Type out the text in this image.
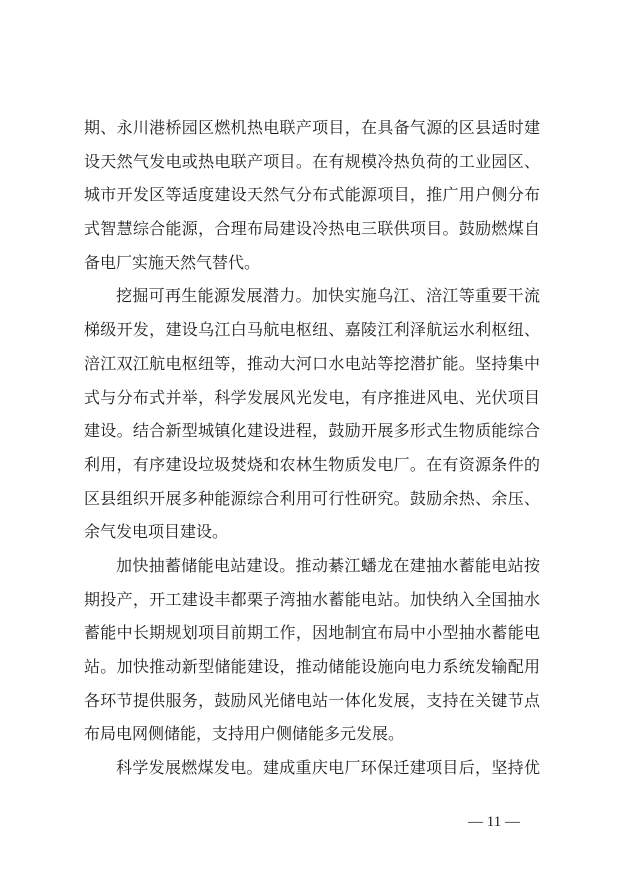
期、永川港桥园区燃机热电联产项目，在具备气源的区县适时建
设天然气发电或热电联产项目。在有规模冷热负荷的工业园区、
城市开发区等适度建设天然气分布式能源项目，推广用户侧分布
式智慧综合能源，合理布局建设冷热电三联供项目。鼓励燃煤自
备电厂实施天然气替代。
挖掘可再生能源发展潜力。加快实施乌江、涪江等重要干流
梯级开发，建设乌江白马航电枢纽、嘉陵江利泽航运水利枢纽、
涪江双江航电枢纽等，推动大河口水电站等挖潜扩能。坚持集中
式与分布式并举，科学发展风光发电，有序推进风电、光伏项目
建设。结合新型城镇化建设进程，鼓励开展多形式生物质能综合
利用，有序建设垃圾焚烧和农林生物质发电厂。在有资源条件的
区县组织开展多种能源综合利用可行性研究。鼓励余热、余压、
余气发电项目建设。
加快抽蓄储能电站建设。推动綦江蟠龙在建抽水蓄能电站按
期投产，开工建设丰都栗子湾抽水蓄能电站。加快纳入全国抽水
蓄能中长期规划项目前期工作，因地制宜布局中小型抽水蓄能电
站。加快推动新型储能建设，推动储能设施向电力系统发输配用
各环节提供服务，鼓励风光储电站一体化发展，支持在关键节点
布局电网侧储能，支持用户侧储能多元发展。
科学发展燃煤发电。建成重庆电厂环保迁建项目后，坚持优
— 11 —
